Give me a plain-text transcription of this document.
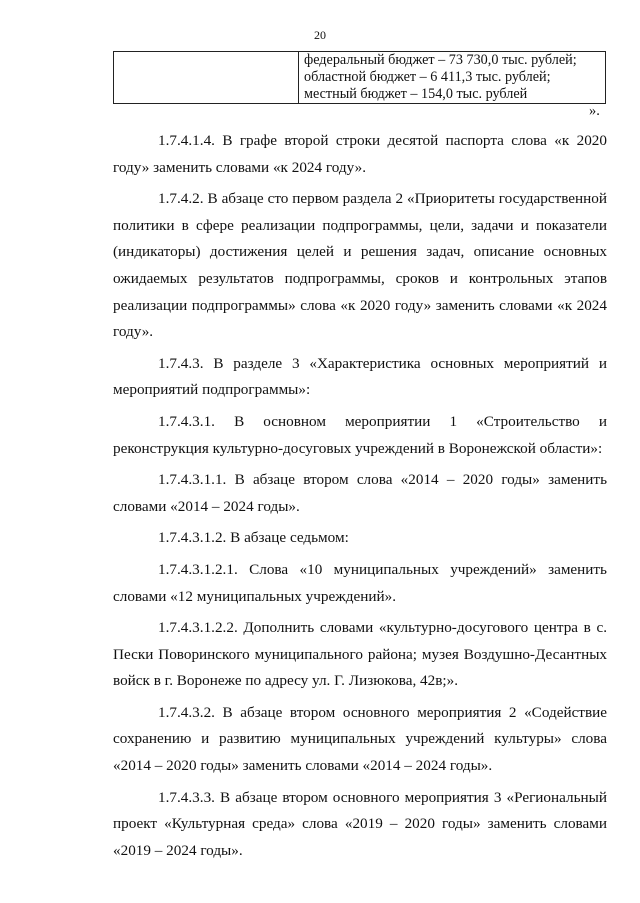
20

федеральный бюджет – 73 730,0 тыс. рублей;
областной бюджет – 6 411,3 тыс. рублей;
местный бюджет – 154,0 тыс. рублей
».

1.7.4.1.4. В графе второй строки десятой паспорта слова «к 2020 году» заменить словами «к 2024 году».

1.7.4.2. В абзаце сто первом раздела 2 «Приоритеты государственной политики в сфере реализации подпрограммы, цели, задачи и показатели (индикаторы) достижения целей и решения задач, описание основных ожидаемых результатов подпрограммы, сроков и контрольных этапов реализации подпрограммы» слова «к 2020 году» заменить словами «к 2024 году».

1.7.4.3. В разделе 3 «Характеристика основных мероприятий и мероприятий подпрограммы»:

1.7.4.3.1. В основном мероприятии 1 «Строительство и реконструкция культурно-досуговых учреждений в Воронежской области»:

1.7.4.3.1.1. В абзаце втором слова «2014 – 2020 годы» заменить словами «2014 – 2024 годы».

1.7.4.3.1.2. В абзаце седьмом:

1.7.4.3.1.2.1. Слова «10 муниципальных учреждений» заменить словами «12 муниципальных учреждений».

1.7.4.3.1.2.2. Дополнить словами «культурно-досугового центра в с. Пески Поворинского муниципального района; музея Воздушно-Десантных войск в г. Воронеже по адресу ул. Г. Лизюкова, 42в;».

1.7.4.3.2. В абзаце втором основного мероприятия 2 «Содействие сохранению и развитию муниципальных учреждений культуры» слова «2014 – 2020 годы» заменить словами «2014 – 2024 годы».

1.7.4.3.3. В абзаце втором основного мероприятия 3 «Региональный проект «Культурная среда» слова «2019 – 2020 годы» заменить словами «2019 – 2024 годы».
